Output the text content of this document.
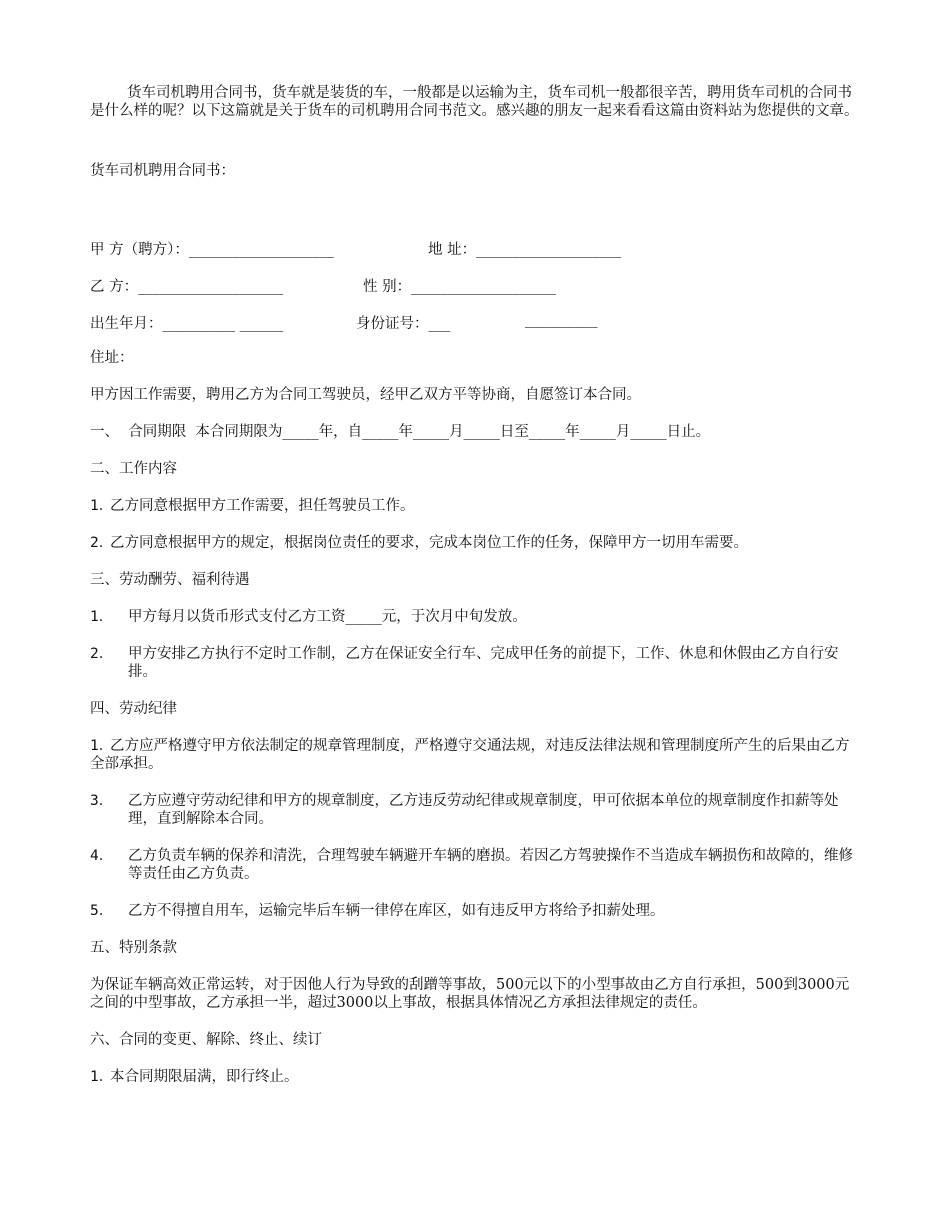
货车司机聘用合同书，货车就是装货的车，一般都是以运输为主，货车司机一般都很辛苦，聘用货车司机的合同书是什么样的呢？以下这篇就是关于货车的司机聘用合同书范文。感兴趣的朋友一起来看看这篇由资料站为您提供的文章。

货车司机聘用合同书：

甲 方（聘方）：____________________	地 址：____________________
乙 方：____________________	性 别：____________________
出生年月：__________ ______	身份证号：___	__________

住址：

甲方因工作需要，聘用乙方为合同工驾驶员，经甲乙双方平等协商，自愿签订本合同。

一、  合同期限  本合同期限为_____年，自_____年_____月_____日至_____年_____月_____日止。

二、工作内容

1．乙方同意根据甲方工作需要，担任驾驶员工作。

2．乙方同意根据甲方的规定，根据岗位责任的要求，完成本岗位工作的任务，保障甲方一切用车需要。

三、劳动酬劳、福利待遇

1． 甲方每月以货币形式支付乙方工资_____元，于次月中旬发放。

2． 甲方安排乙方执行不定时工作制，乙方在保证安全行车、完成甲任务的前提下，工作、休息和休假由乙方自行安排。

四、劳动纪律

1．乙方应严格遵守甲方依法制定的规章管理制度，严格遵守交通法规，对违反法律法规和管理制度所产生的后果由乙方全部承担。

3． 乙方应遵守劳动纪律和甲方的规章制度，乙方违反劳动纪律或规章制度，甲可依据本单位的规章制度作扣薪等处理，直到解除本合同。

4． 乙方负责车辆的保养和清洗，合理驾驶车辆避开车辆的磨损。若因乙方驾驶操作不当造成车辆损伤和故障的，维修等责任由乙方负责。

5． 乙方不得擅自用车，运输完毕后车辆一律停在库区，如有违反甲方将给予扣薪处理。

五、特别条款

为保证车辆高效正常运转，对于因他人行为导致的刮蹭等事故，500元以下的小型事故由乙方自行承担，500到3000元之间的中型事故，乙方承担一半，超过3000以上事故，根据具体情况乙方承担法律规定的责任。

六、合同的变更、解除、终止、续订

1．本合同期限届满，即行终止。
